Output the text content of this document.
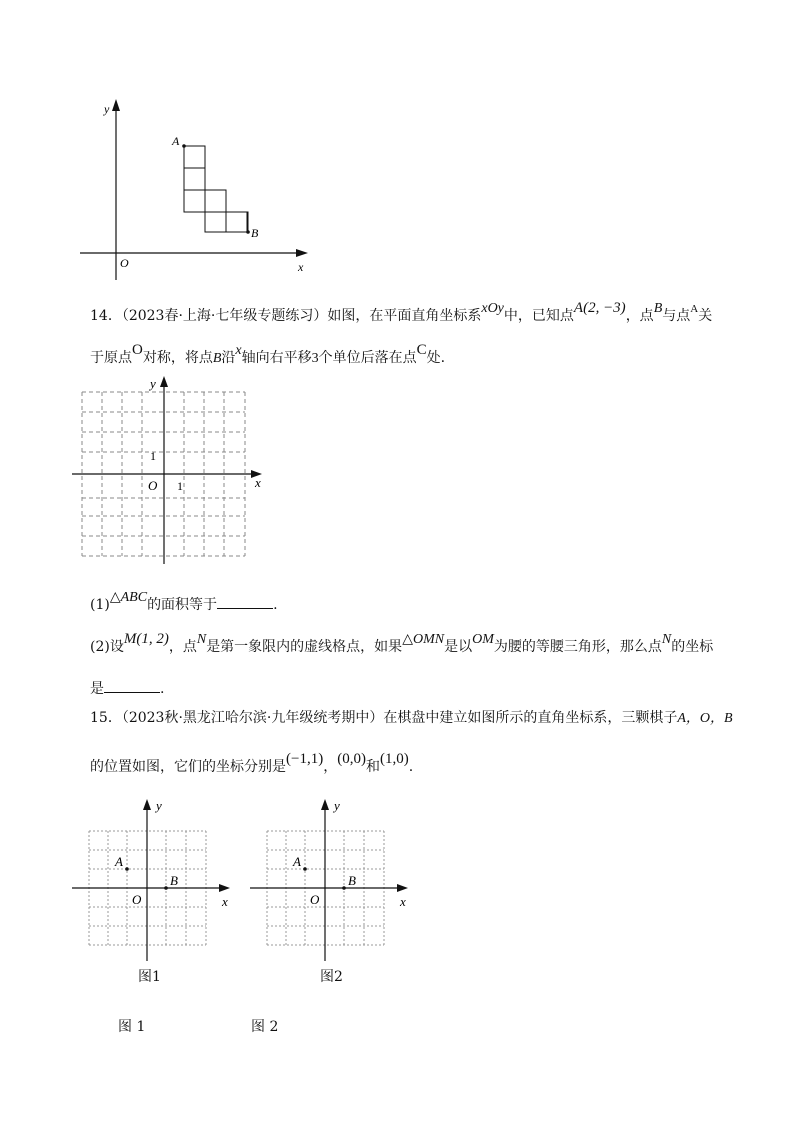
y
x
O
A
B
14．（2023春·上海·七年级专题练习）如图，在平面直角坐标系xOy中，已知点A(2, −3)，点B与点$^A$关
于原点O对称，将点B沿x轴向右平移3个单位后落在点C处.
y
x
O
1
1
(1)△ABC的面积等于	.
(2)设M(1, 2)，点N是第一象限内的虚线格点，如果△OMN是以OM为腰的等腰三角形，那么点N的坐标
是	.
15．（2023秋·黑龙江哈尔滨·九年级统考期中）在棋盘中建立如图所示的直角坐标系，三颗棋子A，O，B
的位置如图，它们的坐标分别是(−1,1)，(0,0)和(1,0).
y
x
O
A
B
y
x
O
A
B
图1	图2
图 1	图 2
